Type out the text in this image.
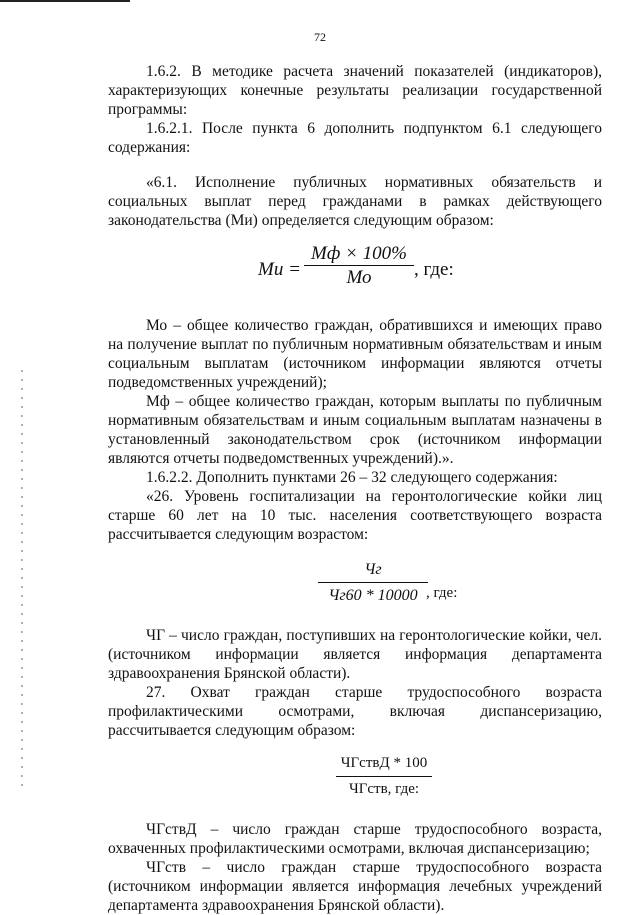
72

1.6.2. В методике расчета значений показателей (индикаторов), характеризующих конечные результаты реализации государственной программы:

1.6.2.1. После пункта 6 дополнить подпунктом 6.1 следующего содержания:

«6.1. Исполнение публичных нормативных обязательств и социальных выплат перед гражданами в рамках действующего законодательства (Ми) определяется следующим образом:

Ми =
Мф × 100%
Мо	, где:

Мо – общее количество граждан, обратившихся и имеющих право на получение выплат по публичным нормативным обязательствам и иным социальным выплатам (источником информации являются отчеты подведомственных учреждений);

Мф – общее количество граждан, которым выплаты по публичным нормативным обязательствам и иным социальным выплатам назначены в установленный законодательством срок (источником информации являются отчеты подведомственных учреждений).».

1.6.2.2. Дополнить пунктами 26 – 32 следующего содержания:

«26. Уровень госпитализации на геронтологические койки лиц старше 60 лет на 10 тыс. населения соответствующего возраста рассчитывается следующим возрастом:

Чг
Чг60 * 10000 , где:

ЧГ – число граждан, поступивших на геронтологические койки, чел. (источником информации является информация департамента здравоохранения Брянской области).

27. Охват граждан старше трудоспособного возраста профилактическими осмотрами, включая диспансеризацию, рассчитывается следующим образом:

ЧГствД * 100
ЧГств, где:

ЧГствД – число граждан старше трудоспособного возраста, охваченных профилактическими осмотрами, включая диспансеризацию;

ЧГств – число граждан старше трудоспособного возраста (источником информации является информация лечебных учреждений департамента здравоохранения Брянской области).
